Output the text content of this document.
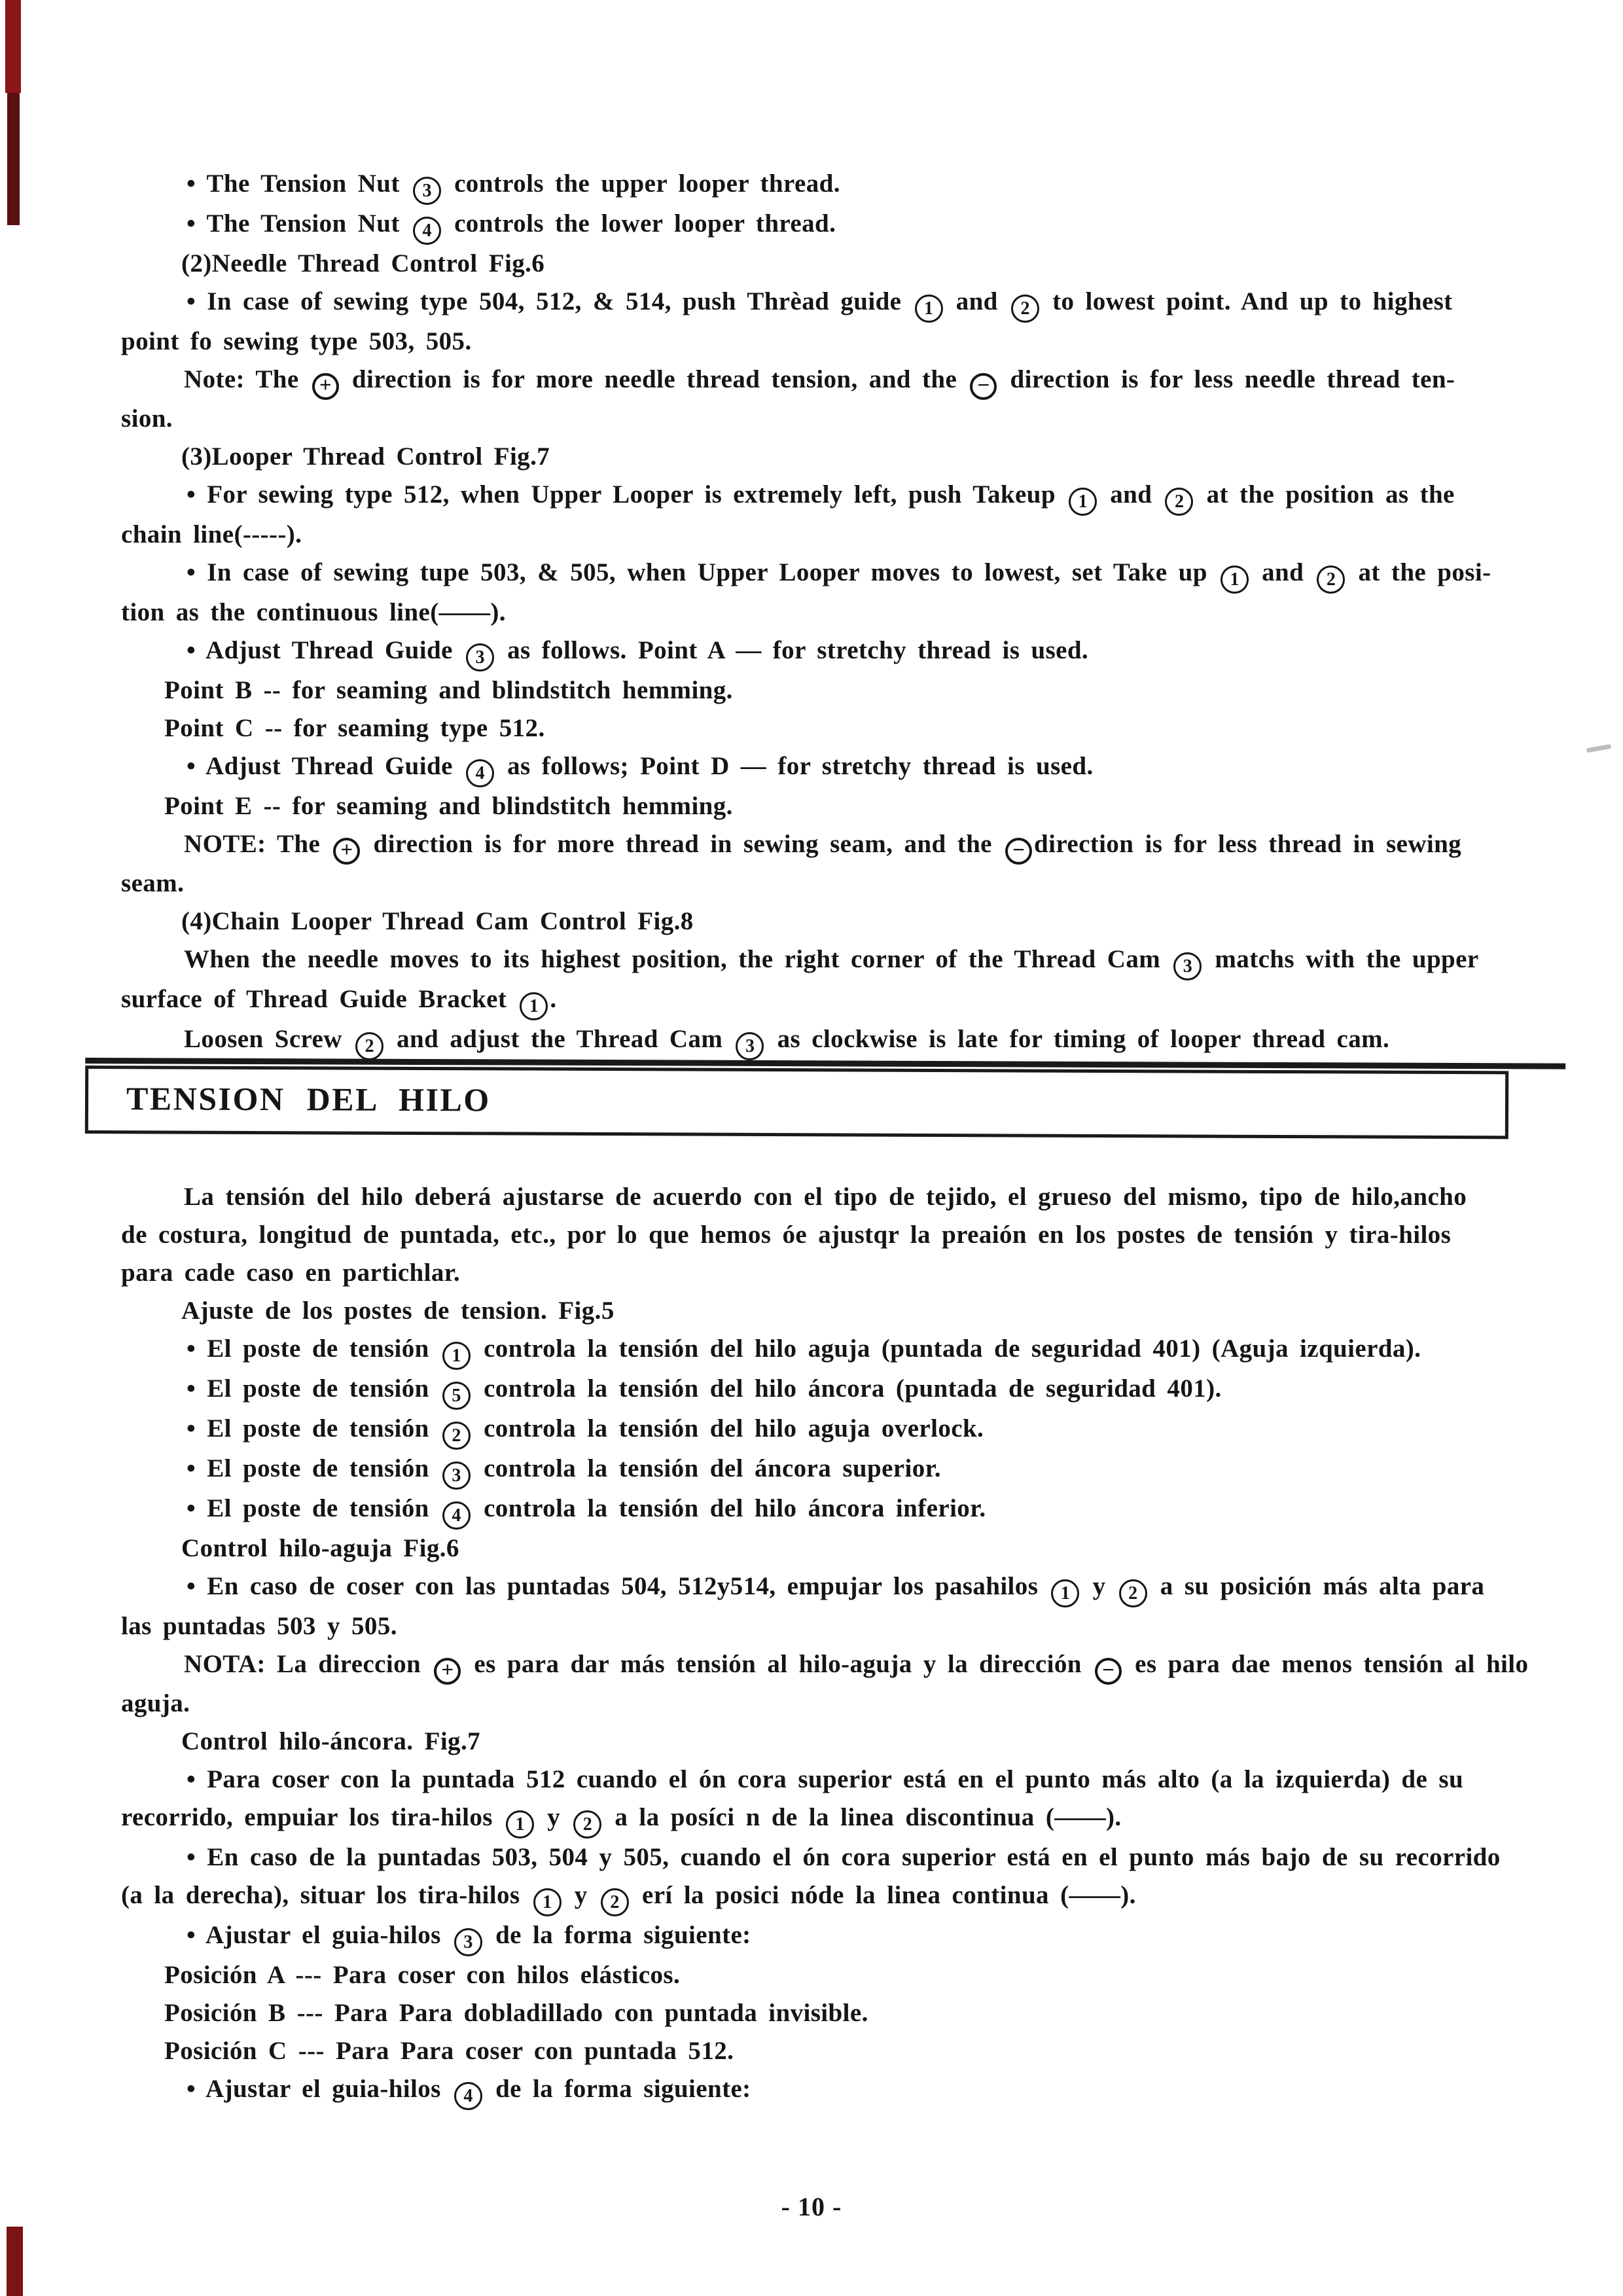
• The Tension Nut 3 controls the upper looper thread.

• The Tension Nut 4 controls the lower looper thread.

(2)Needle Thread Control Fig.6

• In case of sewing type 504, 512, & 514, push Thrèad guide 1 and 2 to lowest point. And up to highest

point fo sewing type 503, 505.

Note: The + direction is for more needle thread tension, and the − direction is for less needle thread ten-

sion.

(3)Looper Thread Control Fig.7

• For sewing type 512, when Upper Looper is extremely left, push Takeup 1 and 2 at the position as the

chain line(-----).

• In case of sewing tupe 503, & 505, when Upper Looper moves to lowest, set Take up 1 and 2 at the posi-

tion as the continuous line(——).

• Adjust Thread Guide 3 as follows. Point A — for stretchy thread is used.

Point B -- for seaming and blindstitch hemming.

Point C -- for seaming type 512.

• Adjust Thread Guide 4 as follows; Point D — for stretchy thread is used.

Point E -- for seaming and blindstitch hemming.

NOTE: The + direction is for more thread in sewing seam, and the − direction is for less thread in sewing

seam.

(4)Chain Looper Thread Cam Control Fig.8

When the needle moves to its highest position, the right corner of the Thread Cam 3 matchs with the upper

surface of Thread Guide Bracket 1 .

Loosen Screw 2 and adjust the Thread Cam 3 as clockwise is late for timing of looper thread cam.

TENSION DEL HILO

La tensión del hilo deberá ajustarse de acuerdo con el tipo de tejido, el grueso del mismo, tipo de hilo,ancho

de costura, longitud de puntada, etc., por lo que hemos óe ajustqr la preaión en los postes de tensión y tira-hilos

para cade caso en partichlar.

Ajuste de los postes de tension. Fig.5

• El poste de tensión 1 controla la tensión del hilo aguja (puntada de seguridad 401) (Aguja izquierda).

• El poste de tensión 5 controla la tensión del hilo áncora (puntada de seguridad 401).

• El poste de tensión 2 controla la tensión del hilo aguja overlock.

• El poste de tensión 3 controla la tensión del áncora superior.

• El poste de tensión 4 controla la tensión del hilo áncora inferior.

Control hilo-aguja Fig.6

• En caso de coser con las puntadas 504, 512y514, empujar los pasahilos 1 y 2 a su posición más alta para

las puntadas 503 y 505.

NOTA: La direccion + es para dar más tensión al hilo-aguja y la dirección − es para dae menos tensión al hilo

aguja.

Control hilo-áncora. Fig.7

• Para coser con la puntada 512 cuando el ón cora superior está en el punto más alto (a la izquierda) de su

recorrido, empuiar los tira-hilos 1 y 2 a la posíci n de la linea discontinua (——).

• En caso de la puntadas 503, 504 y 505, cuando el ón cora superior está en el punto más bajo de su recorrido

(a la derecha), situar los tira-hilos 1 y 2 erí la posici nóde la linea continua (——).

• Ajustar el guia-hilos 3 de la forma siguiente:

Posición A --- Para coser con hilos elásticos.

Posición B --- Para Para dobladillado con puntada invisible.

Posición C --- Para Para coser con puntada 512.

• Ajustar el guia-hilos 4 de la forma siguiente:

- 10 -
